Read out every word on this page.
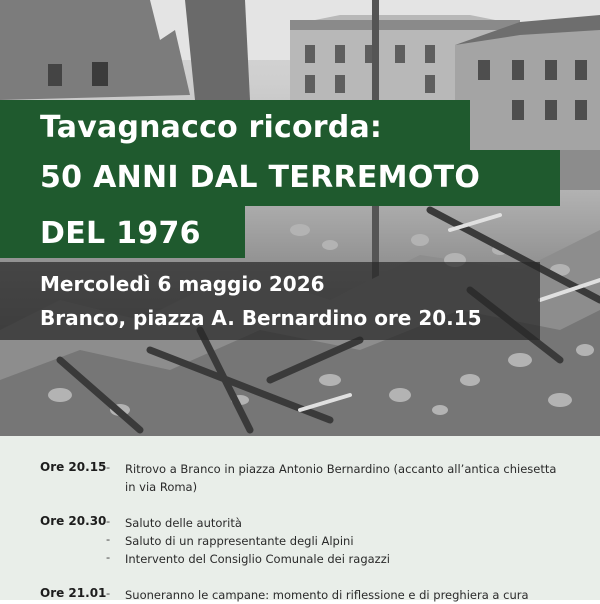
Tavagnacco ricorda:
50 ANNI DAL TERREMOTO
DEL 1976
Mercoledì 6 maggio 2026
Branco, piazza A. Bernardino ore 20.15
Ore 20.15 - Ritrovo a Branco in piazza Antonio Bernardino (accanto all’antica chiesetta
in via Roma)
Ore 20.30 - Saluto delle autorità
- Saluto di un rappresentante degli Alpini
- Intervento del Consiglio Comunale dei ragazzi
Ore 21.01 - Suoneranno le campane: momento di riflessione e di preghiera a cura
